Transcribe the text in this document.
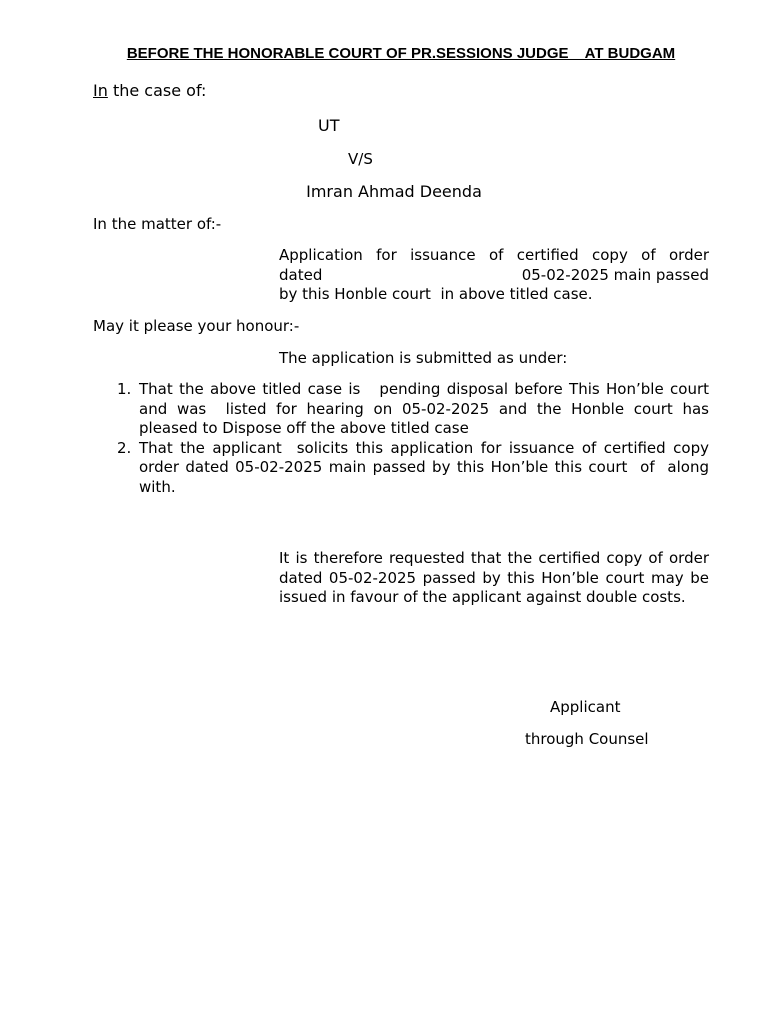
BEFORE THE HONORABLE COURT OF PR.SESSIONS JUDGE    AT BUDGAM
In the case of:
UT
V/S
Imran Ahmad Deenda
In the matter of:-
Application for issuance of certified copy of order
dated	05-02-2025 main passed
by this Honble court  in above titled case.
May it please your honour:-
The application is submitted as under:
1. That the above titled case is   pending disposal before This Hon’ble court and was  listed for hearing on 05-02-2025 and the Honble court has pleased to Dispose off the above titled case
2. That the applicant  solicits this application for issuance of certified copy order dated 05-02-2025 main passed by this Hon’ble this court  of  along with.
It is therefore requested that the certified copy of order dated 05-02-2025 passed by this Hon’ble court may be issued in favour of the applicant against double costs.
Applicant
through Counsel
